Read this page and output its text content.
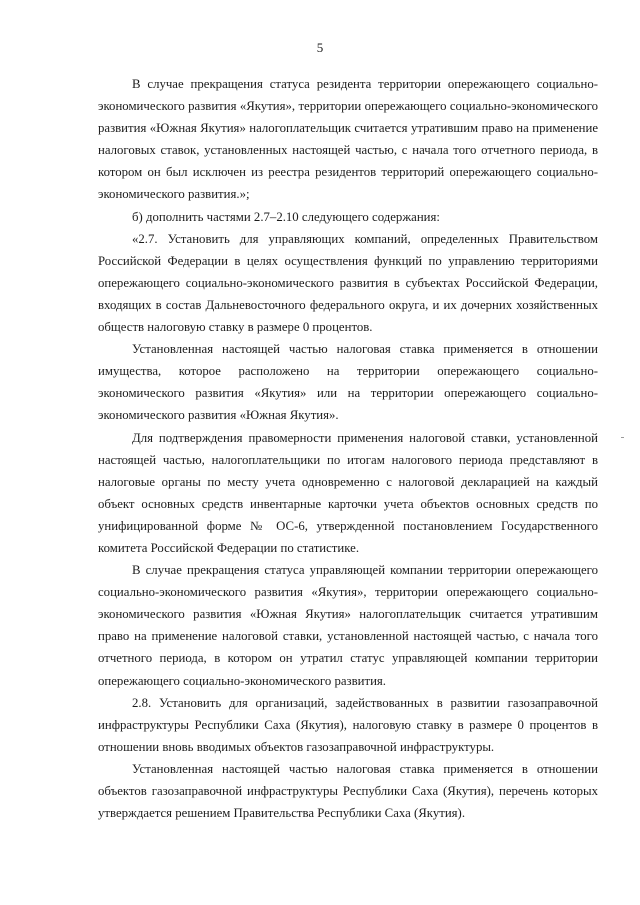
5

В случае прекращения статуса резидента территории опережающего социально-экономического развития «Якутия», территории опережающего социально-экономического развития «Южная Якутия» налогоплательщик считается утратившим право на применение налоговых ставок, установленных настоящей частью, с начала того отчетного периода, в котором он был исключен из реестра резидентов территорий опережающего социально-экономического развития.»;

б) дополнить частями 2.7–2.10 следующего содержания:

«2.7. Установить для управляющих компаний, определенных Правительством Российской Федерации в целях осуществления функций по управлению территориями опережающего социально-экономического развития в субъектах Российской Федерации, входящих в состав Дальневосточного федерального округа, и их дочерних хозяйственных обществ налоговую ставку в размере 0 процентов.

Установленная настоящей частью налоговая ставка применяется в отношении имущества, которое расположено на территории опережающего социально-экономического развития «Якутия» или на территории опережающего социально-экономического развития «Южная Якутия».

Для подтверждения правомерности применения налоговой ставки, установленной настоящей частью, налогоплательщики по итогам налогового периода представляют в налоговые органы по месту учета одновременно с налоговой декларацией на каждый объект основных средств инвентарные карточки учета объектов основных средств по унифицированной форме № ОС-6, утвержденной постановлением Государственного комитета Российской Федерации по статистике.

В случае прекращения статуса управляющей компании территории опережающего социально-экономического развития «Якутия», территории опережающего социально-экономического развития «Южная Якутия» налогоплательщик считается утратившим право на применение налоговой ставки, установленной настоящей частью, с начала того отчетного периода, в котором он утратил статус управляющей компании территории опережающего социально-экономического развития.

2.8. Установить для организаций, задействованных в развитии газозаправочной инфраструктуры Республики Саха (Якутия), налоговую ставку в размере 0 процентов в отношении вновь вводимых объектов газозаправочной инфраструктуры.

Установленная настоящей частью налоговая ставка применяется в отношении объектов газозаправочной инфраструктуры Республики Саха (Якутия), перечень которых утверждается решением Правительства Республики Саха (Якутия).
